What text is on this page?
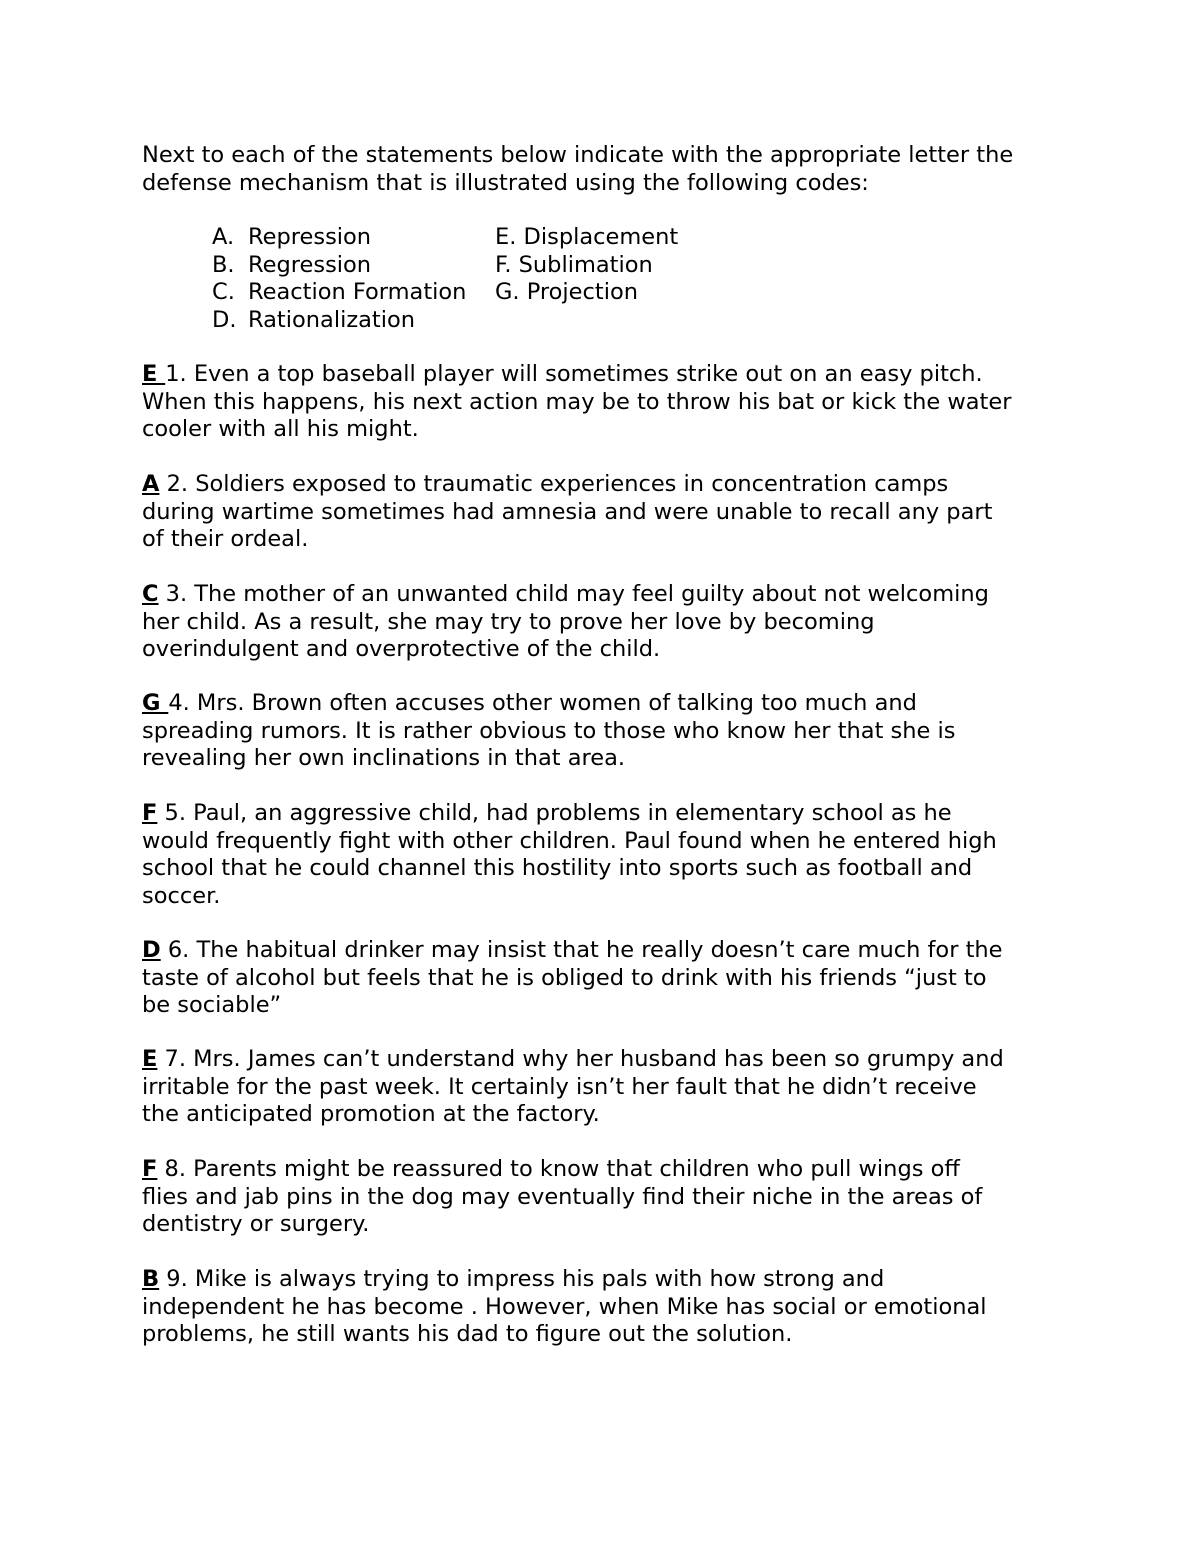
Next to each of the statements below indicate with the appropriate letter the
defense mechanism that is illustrated using the following codes:
A. Repression	E. Displacement
B. Regression	F. Sublimation
C. Reaction Formation G. Projection
D. Rationalization
E 1. Even a top baseball player will sometimes strike out on an easy pitch.
When this happens, his next action may be to throw his bat or kick the water
cooler with all his might.
A 2. Soldiers exposed to traumatic experiences in concentration camps
during wartime sometimes had amnesia and were unable to recall any part
of their ordeal.
C 3. The mother of an unwanted child may feel guilty about not welcoming
her child. As a result, she may try to prove her love by becoming
overindulgent and overprotective of the child.
G 4. Mrs. Brown often accuses other women of talking too much and
spreading rumors. It is rather obvious to those who know her that she is
revealing her own inclinations in that area.
F 5. Paul, an aggressive child, had problems in elementary school as he
would frequently fight with other children. Paul found when he entered high
school that he could channel this hostility into sports such as football and
soccer.
D 6. The habitual drinker may insist that he really doesn’t care much for the
taste of alcohol but feels that he is obliged to drink with his friends “just to
be sociable”
E 7. Mrs. James can’t understand why her husband has been so grumpy and
irritable for the past week. It certainly isn’t her fault that he didn’t receive
the anticipated promotion at the factory.
F 8. Parents might be reassured to know that children who pull wings off
flies and jab pins in the dog may eventually find their niche in the areas of
dentistry or surgery.
B 9. Mike is always trying to impress his pals with how strong and
independent he has become . However, when Mike has social or emotional
problems, he still wants his dad to figure out the solution.
